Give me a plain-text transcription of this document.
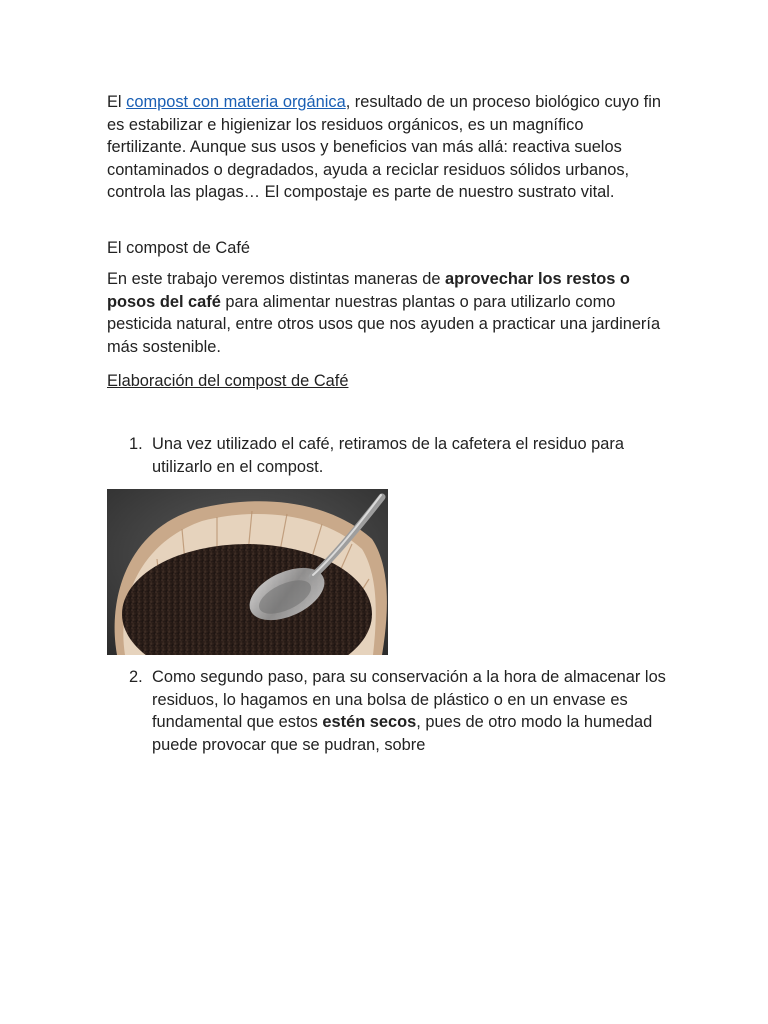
El compost con materia orgánica, resultado de un proceso biológico cuyo fin es estabilizar e higienizar los residuos orgánicos, es un magnífico fertilizante. Aunque sus usos y beneficios van más allá: reactiva suelos contaminados o degradados, ayuda a reciclar residuos sólidos urbanos, controla las plagas… El compostaje es parte de nuestro sustrato vital.

El compost de Café

En este trabajo veremos distintas maneras de aprovechar los restos o posos del café para alimentar nuestras plantas o para utilizarlo como pesticida natural, entre otros usos que nos ayuden a practicar una jardinería más sostenible.

Elaboración del compost de Café

1. Una vez utilizado el café, retiramos de la cafetera el residuo para utilizarlo en el compost.
2. Como segundo paso, para su conservación a la hora de almacenar los residuos, lo hagamos en una bolsa de plástico o en un envase es fundamental que estos estén secos, pues de otro modo la humedad puede provocar que se pudran, sobre
